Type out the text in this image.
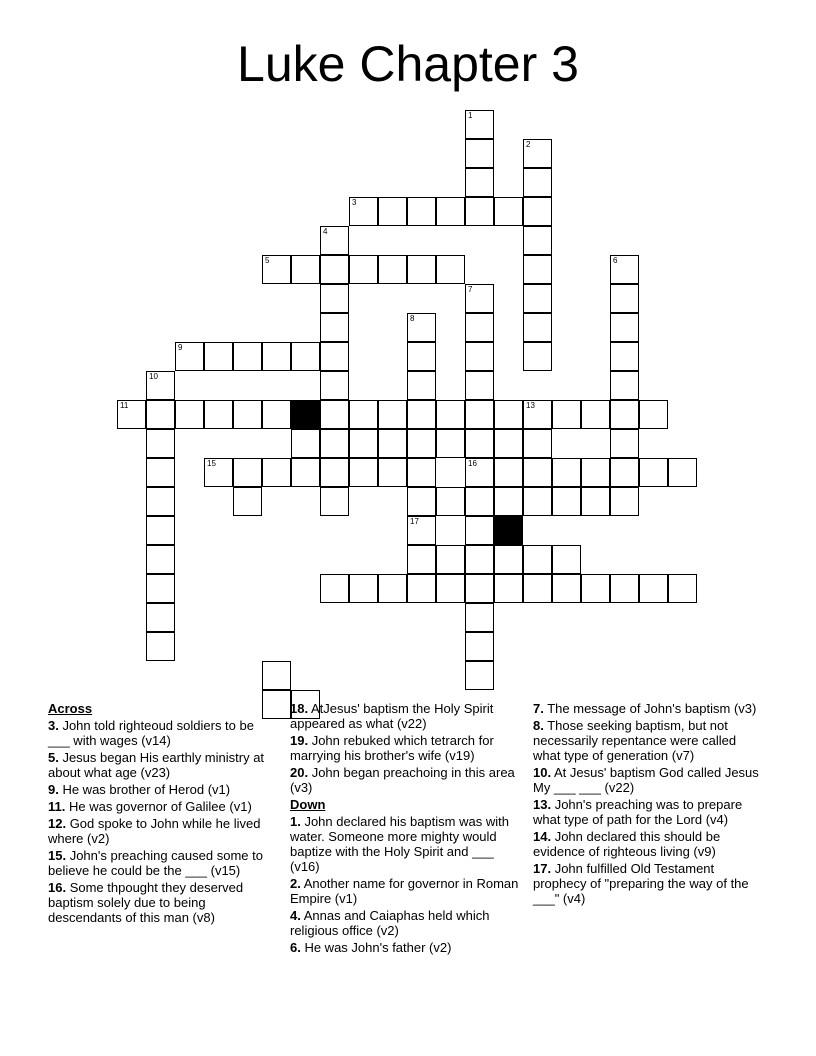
Luke Chapter 3
1
2
3
4
5	6
7
16
8
17
9
10
11	12	13
15
Across
3. John told righteoud soldiers to be ___ with wages (v14)
5. Jesus began His earthly ministry at about what age (v23)
9. He was brother of Herod (v1)
11. He was governor of Galilee (v1)
12. God spoke to John while he lived where (v2)
15. John's preaching caused some to believe he could be the ___ (v15)
16. Some thpought they deserved baptism solely due to being descendants of this man (v8)
18. AtJesus' baptism the Holy Spirit appeared as what (v22)
19. John rebuked which tetrarch for marrying his brother's wife (v19)
20. John began preachoing in this area (v3)
Down
1. John declared his baptism was with water. Someone more mighty would baptize with the Holy Spirit and ___ (v16)
2. Another name for governor in Roman Empire (v1)
4. Annas and Caiaphas held which religious office (v2)
6. He was John's father (v2)
7. The message of John's baptism (v3)
8. Those seeking baptism, but not necessarily repentance were called what type of generation (v7)
10. At Jesus' baptism God called Jesus My ___ ___ (v22)
13. John's preaching was to prepare what type of path for the Lord (v4)
14. John declared this should be evidence of righteous living (v9)
17. John fulfilled Old Testament prophecy of "preparing the way of the ___" (v4)
